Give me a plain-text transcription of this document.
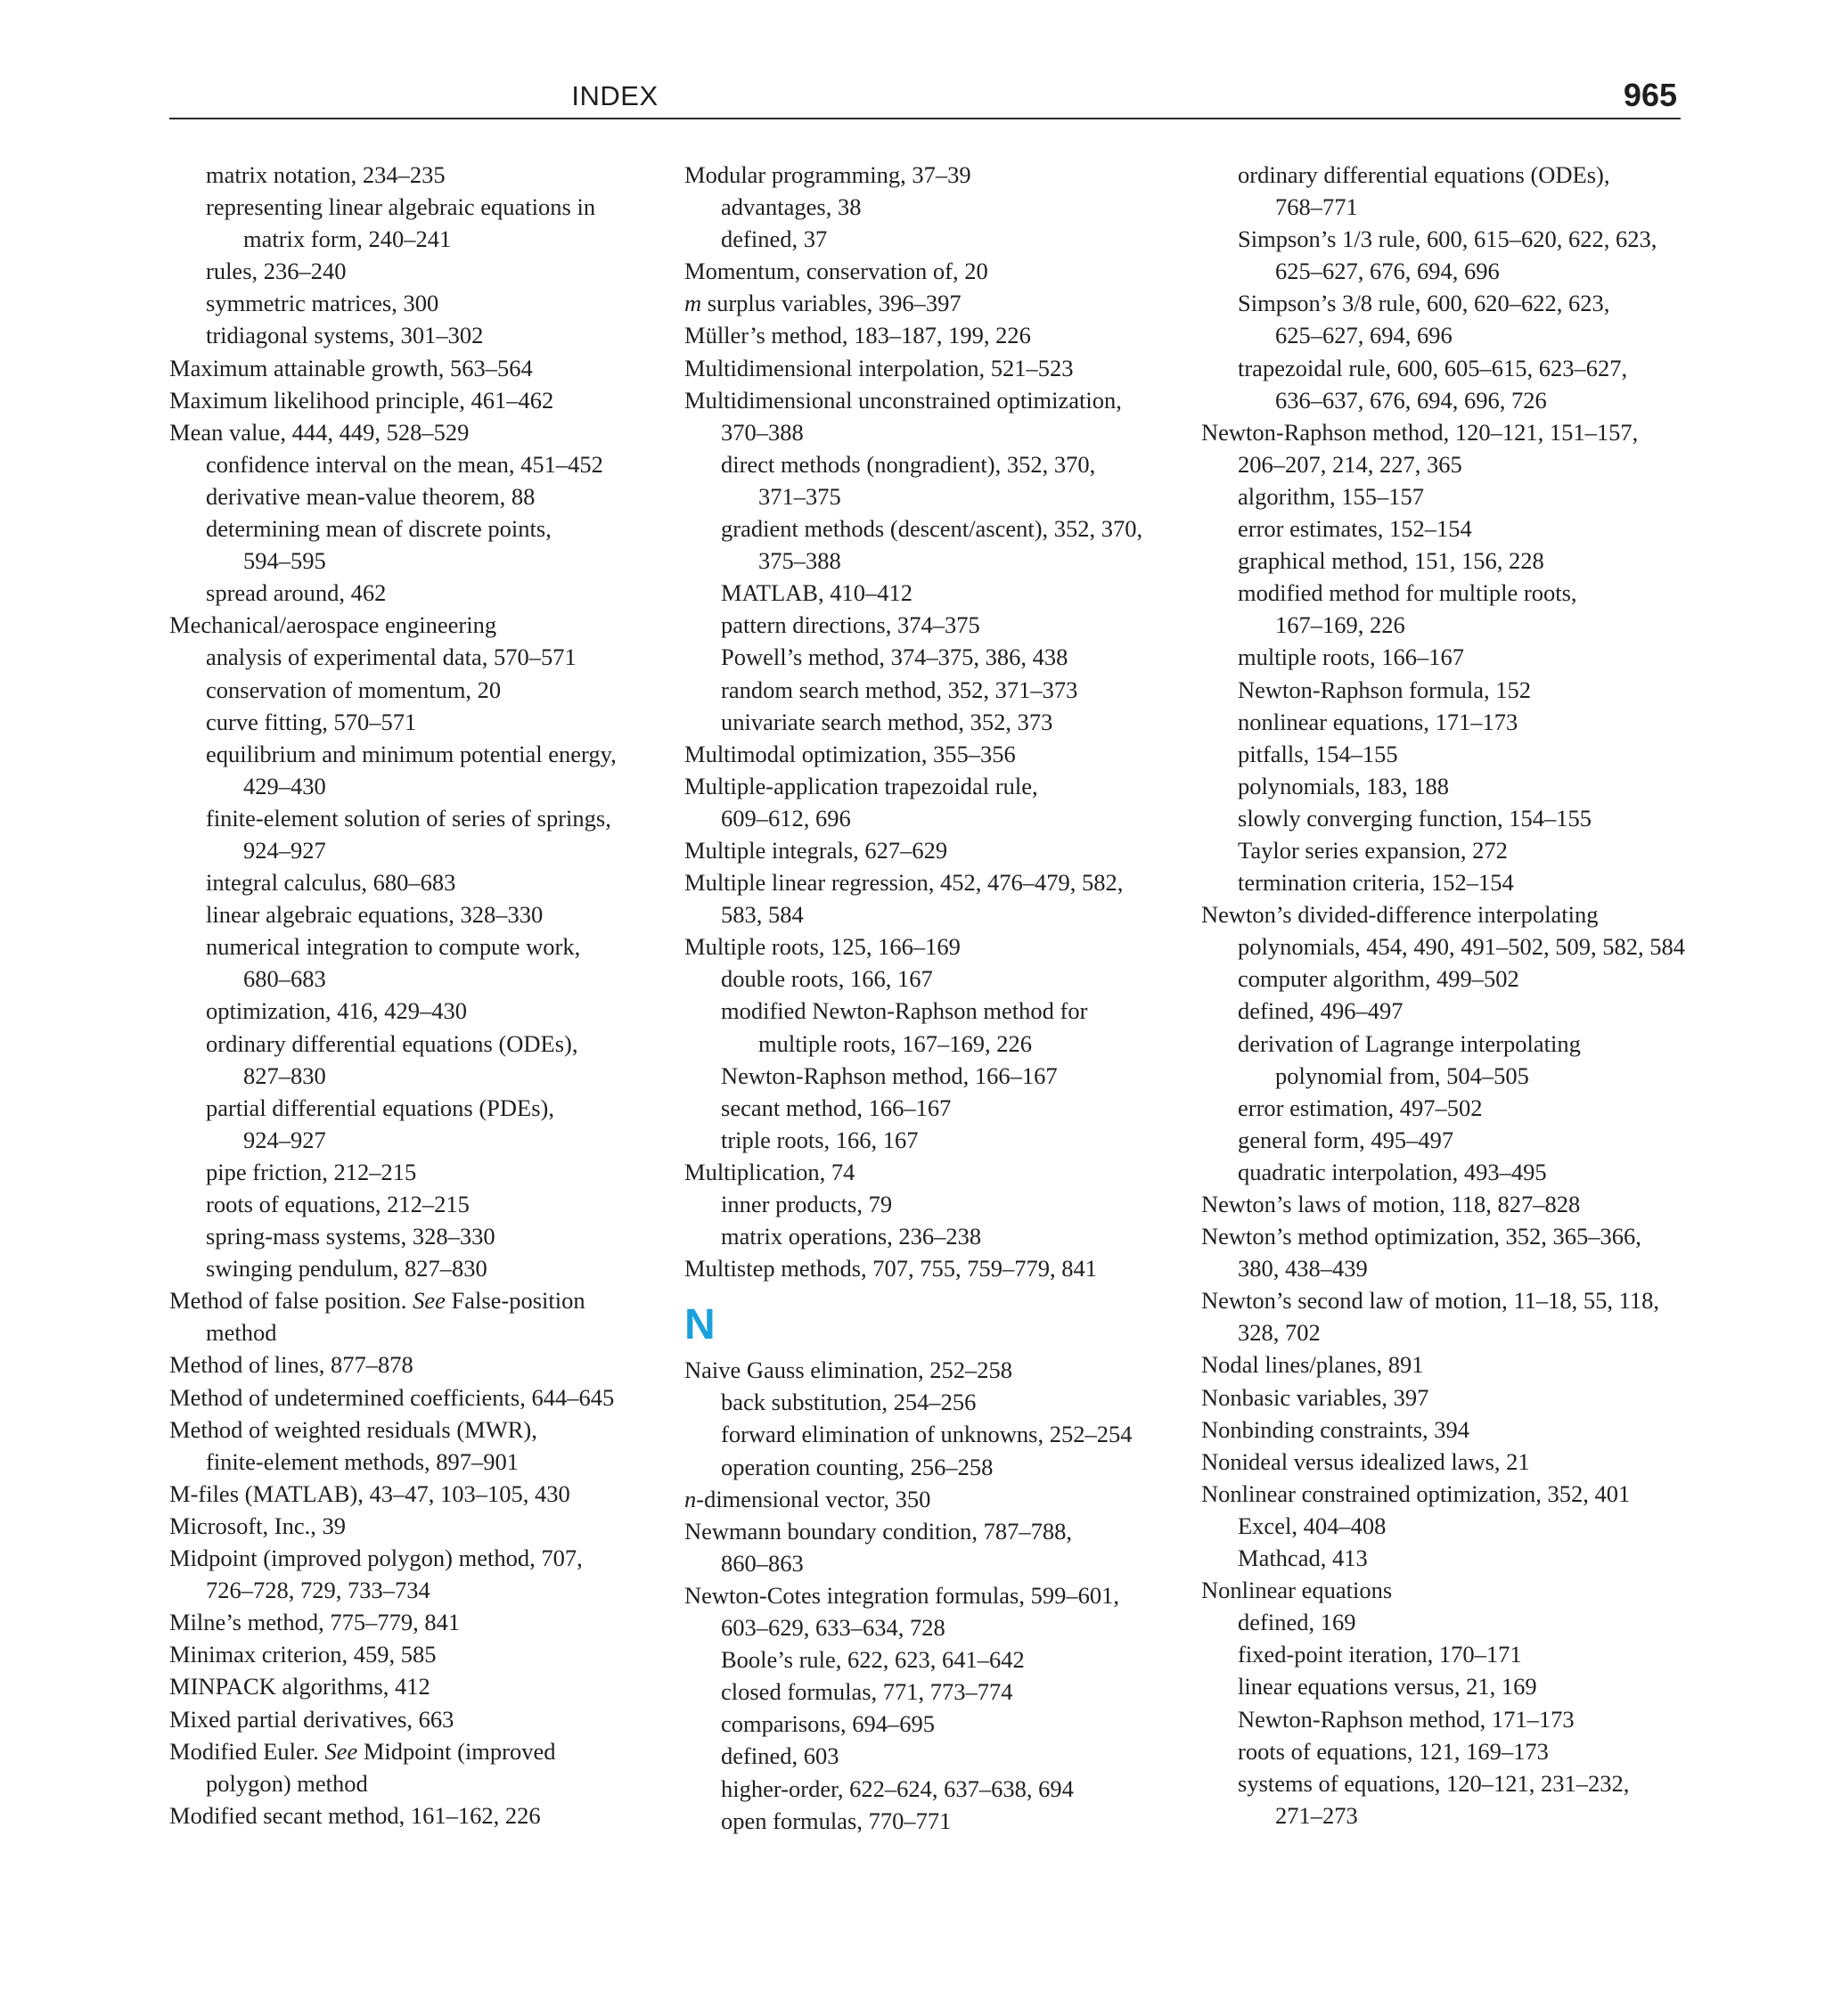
INDEX	965
matrix notation, 234–235
representing linear algebraic equations in
matrix form, 240–241
rules, 236–240
symmetric matrices, 300
tridiagonal systems, 301–302
Maximum attainable growth, 563–564
Maximum likelihood principle, 461–462
Mean value, 444, 449, 528–529
confidence interval on the mean, 451–452
derivative mean-value theorem, 88
determining mean of discrete points,
594–595
spread around, 462
Mechanical/aerospace engineering
analysis of experimental data, 570–571
conservation of momentum, 20
curve fitting, 570–571
equilibrium and minimum potential energy,
429–430
finite-element solution of series of springs,
924–927
integral calculus, 680–683
linear algebraic equations, 328–330
numerical integration to compute work,
680–683
optimization, 416, 429–430
ordinary differential equations (ODEs),
827–830
partial differential equations (PDEs),
924–927
pipe friction, 212–215
roots of equations, 212–215
spring-mass systems, 328–330
swinging pendulum, 827–830
Method of false position. See False-position
method
Method of lines, 877–878
Method of undetermined coefficients, 644–645
Method of weighted residuals (MWR),
finite-element methods, 897–901
M-files (MATLAB), 43–47, 103–105, 430
Microsoft, Inc., 39
Midpoint (improved polygon) method, 707,
726–728, 729, 733–734
Milne’s method, 775–779, 841
Minimax criterion, 459, 585
MINPACK algorithms, 412
Mixed partial derivatives, 663
Modified Euler. See Midpoint (improved
polygon) method
Modified secant method, 161–162, 226
Modular programming, 37–39
advantages, 38
defined, 37
Momentum, conservation of, 20
m surplus variables, 396–397
Müller’s method, 183–187, 199, 226
Multidimensional interpolation, 521–523
Multidimensional unconstrained optimization,
370–388
direct methods (nongradient), 352, 370,
371–375
gradient methods (descent/ascent), 352, 370,
375–388
MATLAB, 410–412
pattern directions, 374–375
Powell’s method, 374–375, 386, 438
random search method, 352, 371–373
univariate search method, 352, 373
Multimodal optimization, 355–356
Multiple-application trapezoidal rule,
609–612, 696
Multiple integrals, 627–629
Multiple linear regression, 452, 476–479, 582,
583, 584
Multiple roots, 125, 166–169
double roots, 166, 167
modified Newton-Raphson method for
multiple roots, 167–169, 226
Newton-Raphson method, 166–167
secant method, 166–167
triple roots, 166, 167
Multiplication, 74
inner products, 79
matrix operations, 236–238
Multistep methods, 707, 755, 759–779, 841
N
Naive Gauss elimination, 252–258
back substitution, 254–256
forward elimination of unknowns, 252–254
operation counting, 256–258
n-dimensional vector, 350
Newmann boundary condition, 787–788,
860–863
Newton-Cotes integration formulas, 599–601,
603–629, 633–634, 728
Boole’s rule, 622, 623, 641–642
closed formulas, 771, 773–774
comparisons, 694–695
defined, 603
higher-order, 622–624, 637–638, 694
open formulas, 770–771
ordinary differential equations (ODEs),
768–771
Simpson’s 1/3 rule, 600, 615–620, 622, 623,
625–627, 676, 694, 696
Simpson’s 3/8 rule, 600, 620–622, 623,
625–627, 694, 696
trapezoidal rule, 600, 605–615, 623–627,
636–637, 676, 694, 696, 726
Newton-Raphson method, 120–121, 151–157,
206–207, 214, 227, 365
algorithm, 155–157
error estimates, 152–154
graphical method, 151, 156, 228
modified method for multiple roots,
167–169, 226
multiple roots, 166–167
Newton-Raphson formula, 152
nonlinear equations, 171–173
pitfalls, 154–155
polynomials, 183, 188
slowly converging function, 154–155
Taylor series expansion, 272
termination criteria, 152–154
Newton’s divided-difference interpolating
polynomials, 454, 490, 491–502, 509, 582, 584
computer algorithm, 499–502
defined, 496–497
derivation of Lagrange interpolating
polynomial from, 504–505
error estimation, 497–502
general form, 495–497
quadratic interpolation, 493–495
Newton’s laws of motion, 118, 827–828
Newton’s method optimization, 352, 365–366,
380, 438–439
Newton’s second law of motion, 11–18, 55, 118,
328, 702
Nodal lines/planes, 891
Nonbasic variables, 397
Nonbinding constraints, 394
Nonideal versus idealized laws, 21
Nonlinear constrained optimization, 352, 401
Excel, 404–408
Mathcad, 413
Nonlinear equations
defined, 169
fixed-point iteration, 170–171
linear equations versus, 21, 169
Newton-Raphson method, 171–173
roots of equations, 121, 169–173
systems of equations, 120–121, 231–232,
271–273
